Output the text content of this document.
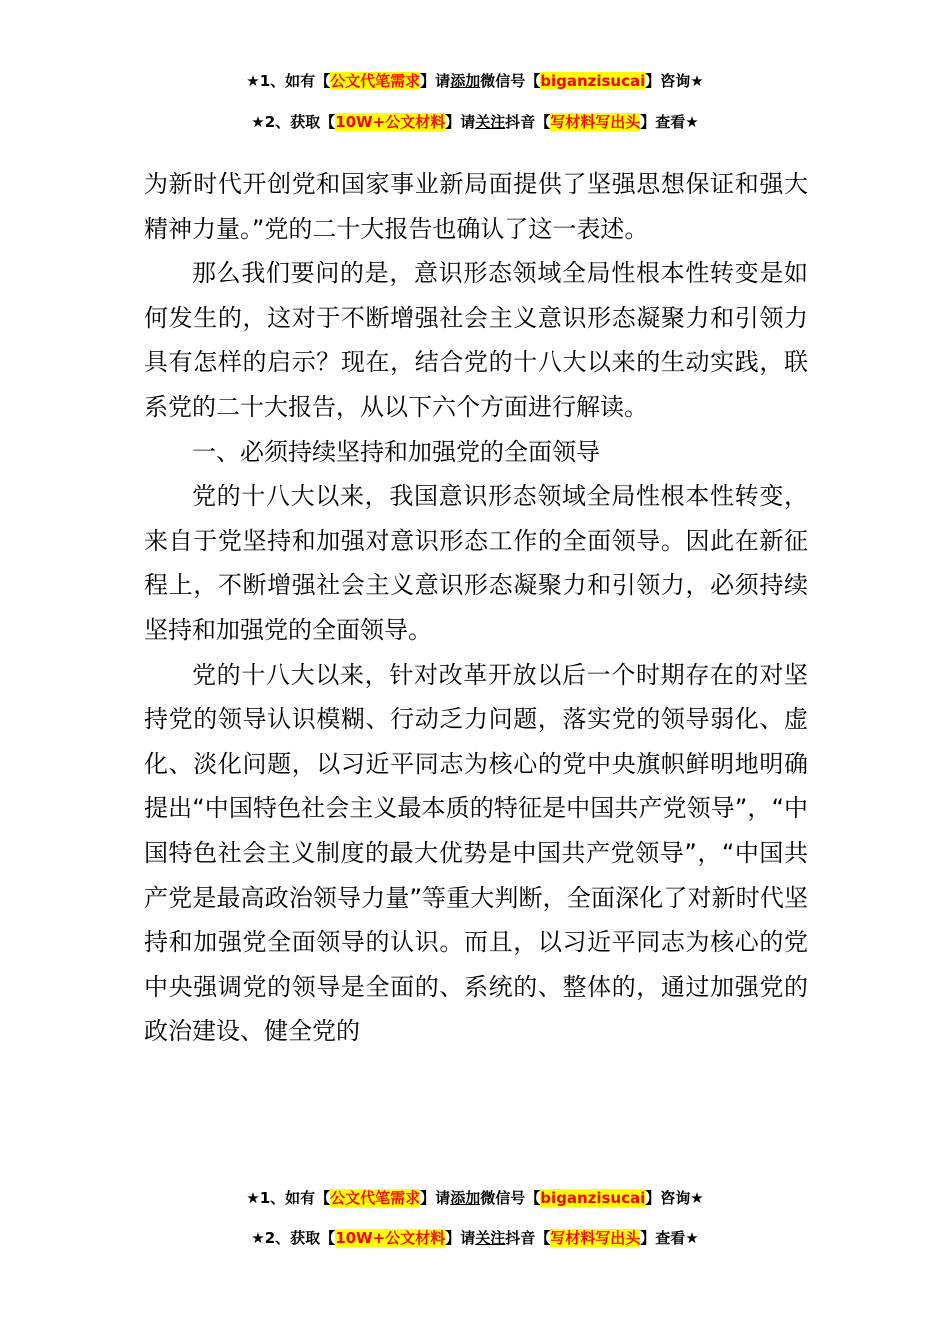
★1、如有【公文代笔需求】请添加微信号【biganzisucai】咨询★
★2、获取【10W+公文材料】请关注抖音【写材料写出头】查看★

为新时代开创党和国家事业新局面提供了坚强思想保证和强大精神力量。”党的二十大报告也确认了这一表述。

那么我们要问的是，意识形态领域全局性根本性转变是如何发生的，这对于不断增强社会主义意识形态凝聚力和引领力具有怎样的启示？现在，结合党的十八大以来的生动实践，联系党的二十大报告，从以下六个方面进行解读。

一、必须持续坚持和加强党的全面领导

党的十八大以来，我国意识形态领域全局性根本性转变，来自于党坚持和加强对意识形态工作的全面领导。因此在新征程上，不断增强社会主义意识形态凝聚力和引领力，必须持续坚持和加强党的全面领导。

党的十八大以来，针对改革开放以后一个时期存在的对坚持党的领导认识模糊、行动乏力问题，落实党的领导弱化、虚化、淡化问题，以习近平同志为核心的党中央旗帜鲜明地明确提出“中国特色社会主义最本质的特征是中国共产党领导”，“中国特色社会主义制度的最大优势是中国共产党领导”，“中国共产党是最高政治领导力量”等重大判断，全面深化了对新时代坚持和加强党全面领导的认识。而且，以习近平同志为核心的党中央强调党的领导是全面的、系统的、整体的，通过加强党的政治建设、健全党的

★1、如有【公文代笔需求】请添加微信号【biganzisucai】咨询★
★2、获取【10W+公文材料】请关注抖音【写材料写出头】查看★
